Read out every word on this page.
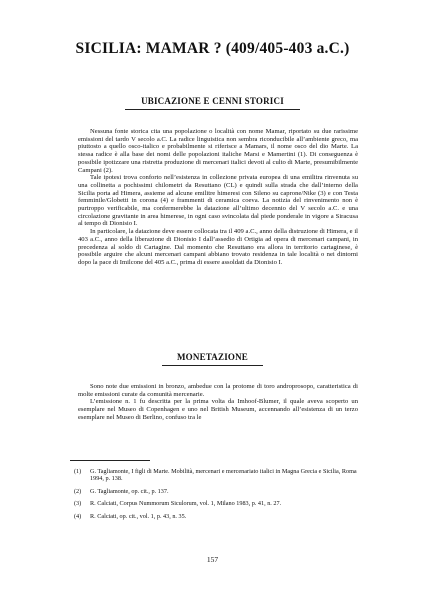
SICILIA: MAMAR ? (409/405-403 a.C.)
UBICAZIONE E CENNI STORICI

Nessuna fonte storica cita una popolazione o località con nome Mamar, riportato su due rarissime emissioni del tardo V secolo a.C. La radice linguistica non sembra riconducibile all’ambiente greco, ma piuttosto a quello osco-italico e probabilmente si riferisce a Mamars, il nome osco del dio Marte. La stessa radice è alla base dei nomi delle popolazioni italiche Marsi e Mamertini (1). Di conseguenza è possibile ipotizzare una ristretta produzione di mercenari italici devoti al culto di Marte, presumibilmente Campani (2).

Tale ipotesi trova conforto nell’esistenza in collezione privata europea di una emilitra rinvenuta su una collinetta a pochissimi chilometri da Resuttano (CL) e quindi sulla strada che dall’interno della Sicilia porta ad Himera, assieme ad alcune emilitre himeresi con Sileno su caprone/Nike (3) e con Testa femminile/Globetti in corona (4) e frammenti di ceramica coeva. La notizia del rinvenimento non è purtroppo verificabile, ma confermerebbe la datazione all’ultimo decennio del V secolo a.C. e una circolazione gravitante in area himerese, in ogni caso svincolata dal piede ponderale in vigore a Siracusa al tempo di Dionisio I.

In particolare, la datazione deve essere collocata tra il 409 a.C., anno della distruzione di Himera, e il 403 a.C., anno della liberazione di Dionisio I dall’assedio di Ortigia ad opera di mercenari campani, in precedenza al soldo di Cartagine. Dal momento che Resuttano era allora in territorio cartaginese, è possibile arguire che alcuni mercenari campani abbiano trovato residenza in tale località o nei dintorni dopo la pace di Imilcone del 405 a.C., prima di essere assoldati da Dionisio I.

MONETAZIONE

Sono note due emissioni in bronzo, ambedue con la protome di toro androprosopo, caratteristica di molte emissioni curate da comunità mercenarie.

L’emissione n. 1 fu descritta per la prima volta da Imhoof-Blumer, il quale aveva scoperto un esemplare nel Museo di Copenhagen e uno nel British Museum, accennando all’esistenza di un terzo esemplare nel Museo di Berlino, confuso tra le

(1)	G. Tagliamonte, I figli di Marte. Mobilità, mercenari e mercenariato italici in Magna Grecia e Sicilia, Roma 1994, p. 138.
(2)	G. Tagliamonte, op. cit., p. 137.
(3)	R. Calciati, Corpus Nummorum Siculorum, vol. 1, Milano 1983, p. 41, n. 27.
(4)	R. Calciati, op. cit., vol. 1, p. 43, n. 35.
157
